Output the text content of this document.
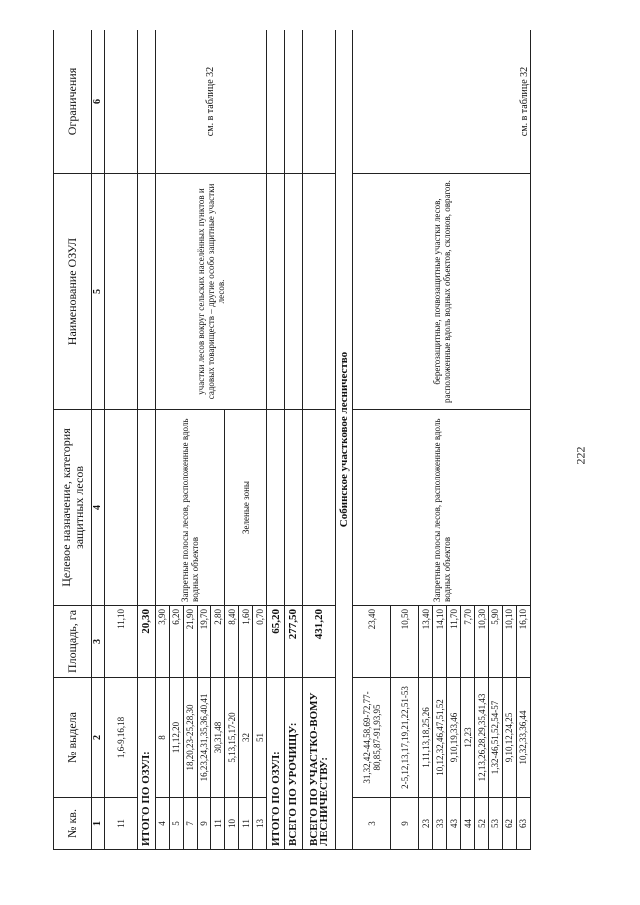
№ кв.	№ выдела	Площадь, га	Целевое назначение, категория защитных лесов	Наименование ОЗУЛ	Ограничения
1	2	3	4	5	6
11	1,6-9,16,18	11,10			
ИТОГО ПО ОЗУЛ:		20,30			
4	8	3,90	Запретные полосы лесов, расположенные вдоль водных объектов	участки лесов вокруг сельских населённых пунктов и садовых товариществ – другие особо защитные участки лесов.	см. в таблице 32
5	11,12,20	6,20			
7	18,20,23-25,28,30	21,90			
9	16,23,24,31,35,36,40,41	19,70			
11	30,31,48	2,80			
10	5,13,15,17-20	8,40	Зеленые зоны		
11	32	1,60			
13	51	0,70			
ИТОГО ПО ОЗУЛ:		65,20			
ВСЕГО ПО УРОЧИЩУ:		277,50			
ВСЕГО ПО УЧАСТКО-ВОМУ ЛЕСНИЧЕСТВУ:		431,20			
Собинское участковое лесничество					
3	31,32,42-44,58,69-72,77-80,85,87-91,93,95	23,40	Запретные полосы лесов, расположенные вдоль водных объектов	берегозащитные, почвозащитные участки лесов, расположенные вдоль водных объектов, склонов, оврагов.	см. в таблице 32
9	2-5,12,13,17,19,21,22,51-53	10,50			
23	1,11,13,18,25,26	13,40			
33	10,12,32,46,47,51,52	14,10			
43	9,10,19,33,46	11,70			
44	12,23	7,70			
52	12,13,26,28,29,35,41,43	10,30			
53	1,32-46,51,52,54-57	5,90			
62	9,10,12,24,25	10,10			
63	10,32,33,36,44	16,10			
222
